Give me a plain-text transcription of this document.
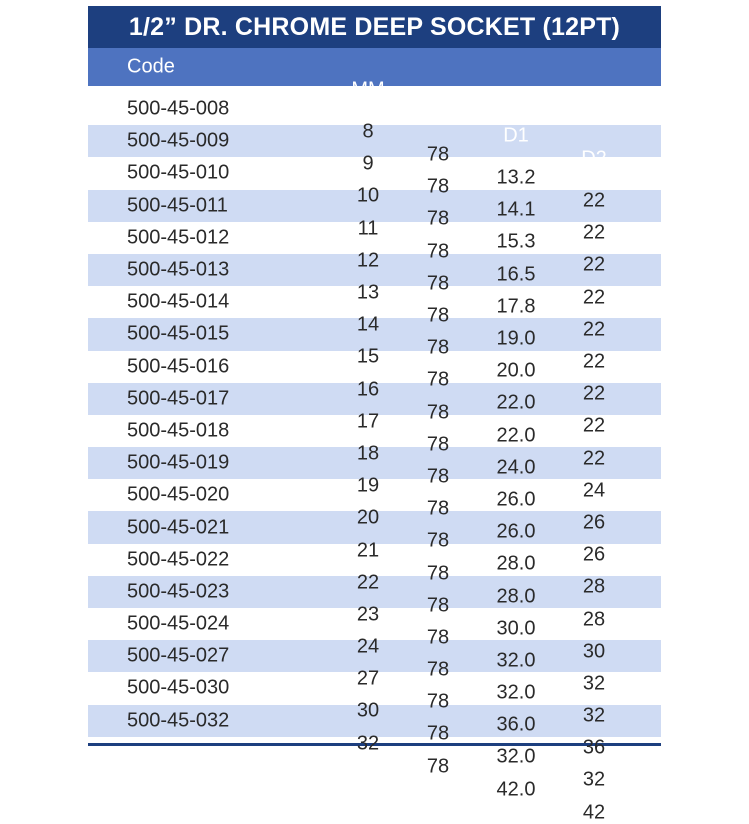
1/2” DR. CHROME DEEP SOCKET (12PT)
Code
MM
L
D1
D2
500-45-008
8
78
13.2
22
500-45-009
9
78
14.1
22
500-45-010
10
78
15.3
22
500-45-011
11
78
16.5
22
500-45-012
12
78
17.8
22
500-45-013
13
78
19.0
22
500-45-014
14
78
20.0
22
500-45-015
15
78
22.0
22
500-45-016
16
78
22.0
22
500-45-017
17
78
24.0
24
500-45-018
18
78
26.0
26
500-45-019
19
78
26.0
26
500-45-020
20
78
28.0
28
500-45-021
21
78
28.0
28
500-45-022
22
78
30.0
30
500-45-023
23
78
32.0
32
500-45-024
24
78
32.0
32
500-45-027
27
78
36.0
36
500-45-030
30
78
32.0
32
500-45-032
32
78
42.0
42
